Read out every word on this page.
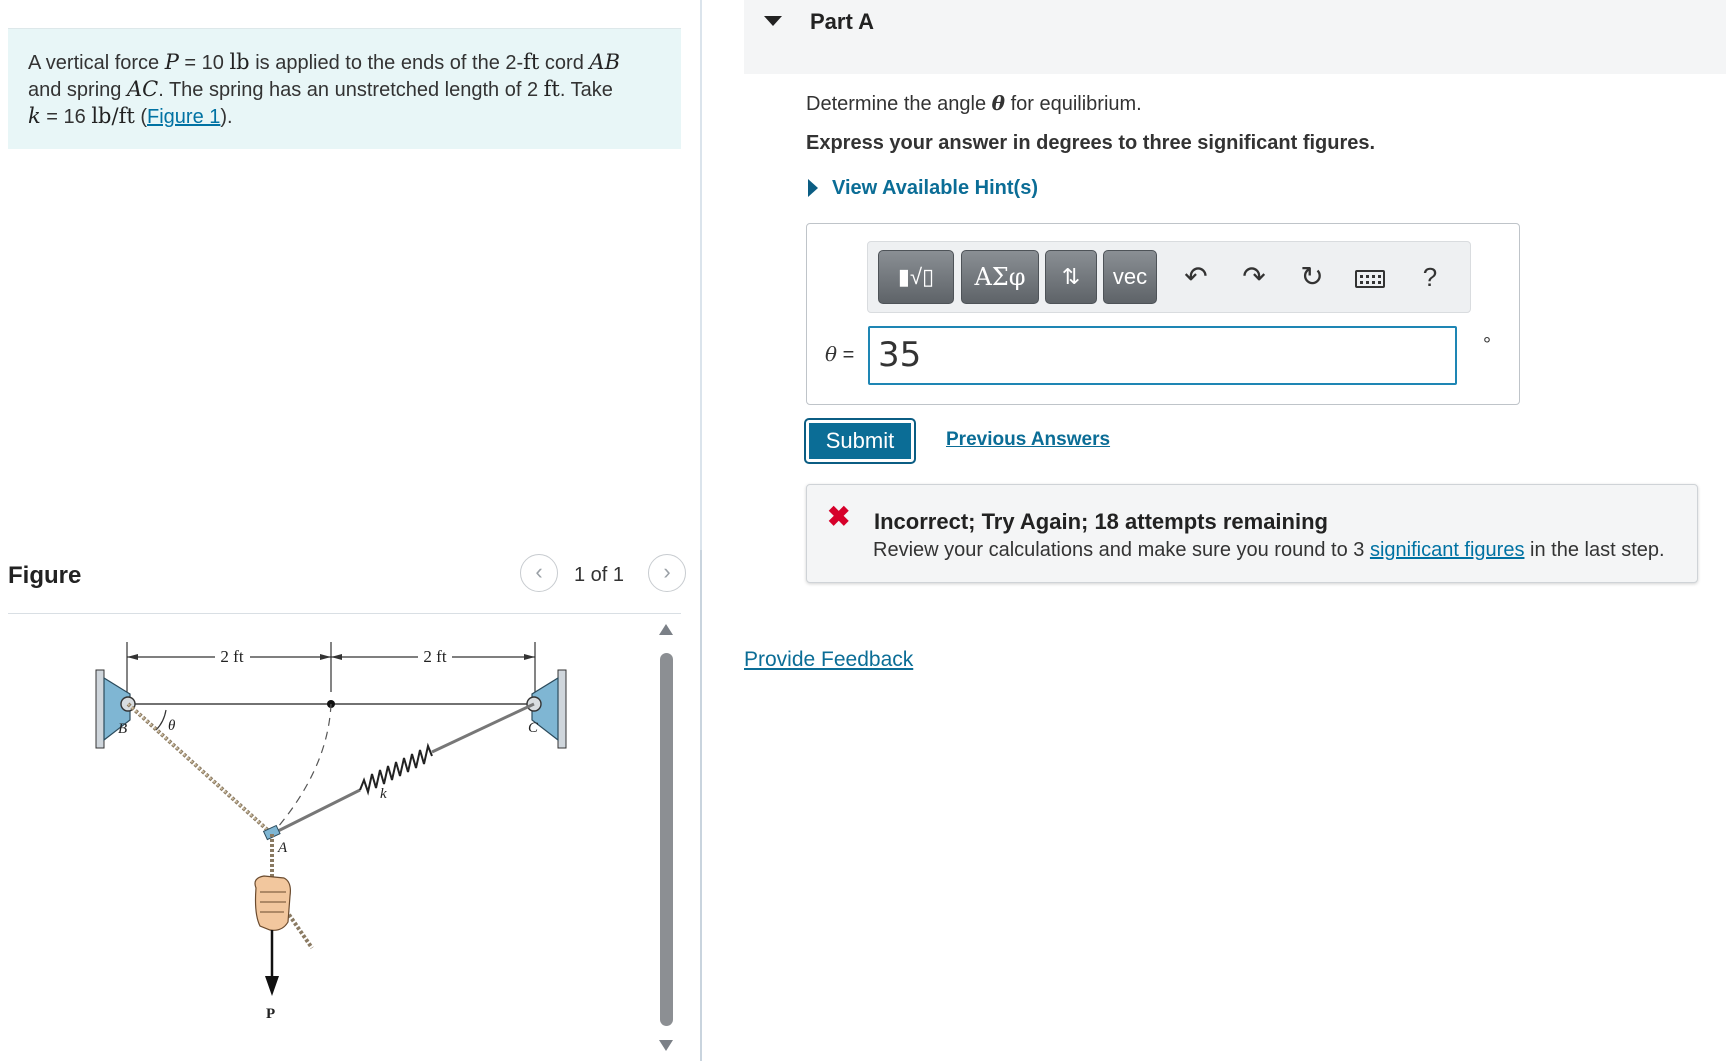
A vertical force P = 10 lb is applied to the ends of the 2-ft cord AB
and spring AC. The spring has an unstretched length of 2 ft. Take
k = 16 lb/ft (Figure 1).
Figure	‹	1 of 1	›
2 ft	2 ft
B	C
θ
k
A
P
Part A
Determine the angle θ for equilibrium.
Express your answer in degrees to three significant figures.
View Available Hint(s)
▮√▯	ΑΣφ	⇅	vec	↶	↷	↻	?
θ = 35	°
Submit	Previous Answers
✖ Incorrect; Try Again; 18 attempts remaining
Review your calculations and make sure you round to 3 significant figures in the last step.
Provide Feedback
